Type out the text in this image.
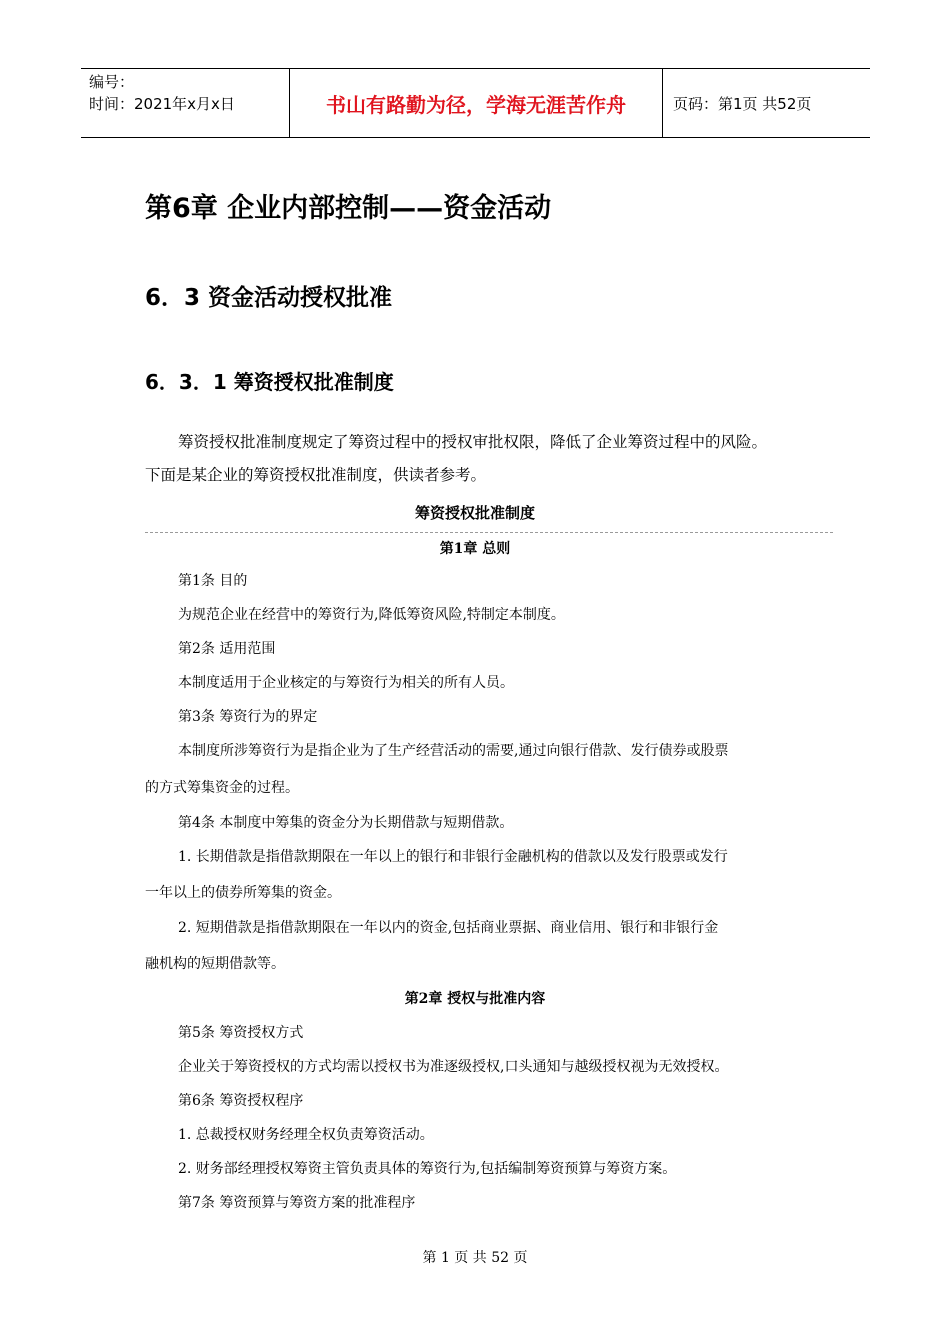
编号：
时间：2021年x月x日	书山有路勤为径，学海无涯苦作舟	页码：第1页 共52页
第6章 企业内部控制——资金活动
6．3 资金活动授权批准
6．3．1 筹资授权批准制度
筹资授权批准制度规定了筹资过程中的授权审批权限，降低了企业筹资过程中的风险。
下面是某企业的筹资授权批准制度，供读者参考。
筹资授权批准制度
第1章 总则
第1条 目的
为规范企业在经营中的筹资行为,降低筹资风险,特制定本制度。
第2条 适用范围
本制度适用于企业核定的与筹资行为相关的所有人员。
第3条 筹资行为的界定
本制度所涉筹资行为是指企业为了生产经营活动的需要,通过向银行借款、发行债券或股票
的方式筹集资金的过程。
第4条 本制度中筹集的资金分为长期借款与短期借款。
1. 长期借款是指借款期限在一年以上的银行和非银行金融机构的借款以及发行股票或发行
一年以上的债券所筹集的资金。
2. 短期借款是指借款期限在一年以内的资金,包括商业票据、商业信用、银行和非银行金
融机构的短期借款等。
第2章 授权与批准内容
第5条 筹资授权方式
企业关于筹资授权的方式均需以授权书为准逐级授权,口头通知与越级授权视为无效授权。
第6条 筹资授权程序
1. 总裁授权财务经理全权负责筹资活动。
2. 财务部经理授权筹资主管负责具体的筹资行为,包括编制筹资预算与筹资方案。
第7条 筹资预算与筹资方案的批准程序
第 1 页 共 52 页
